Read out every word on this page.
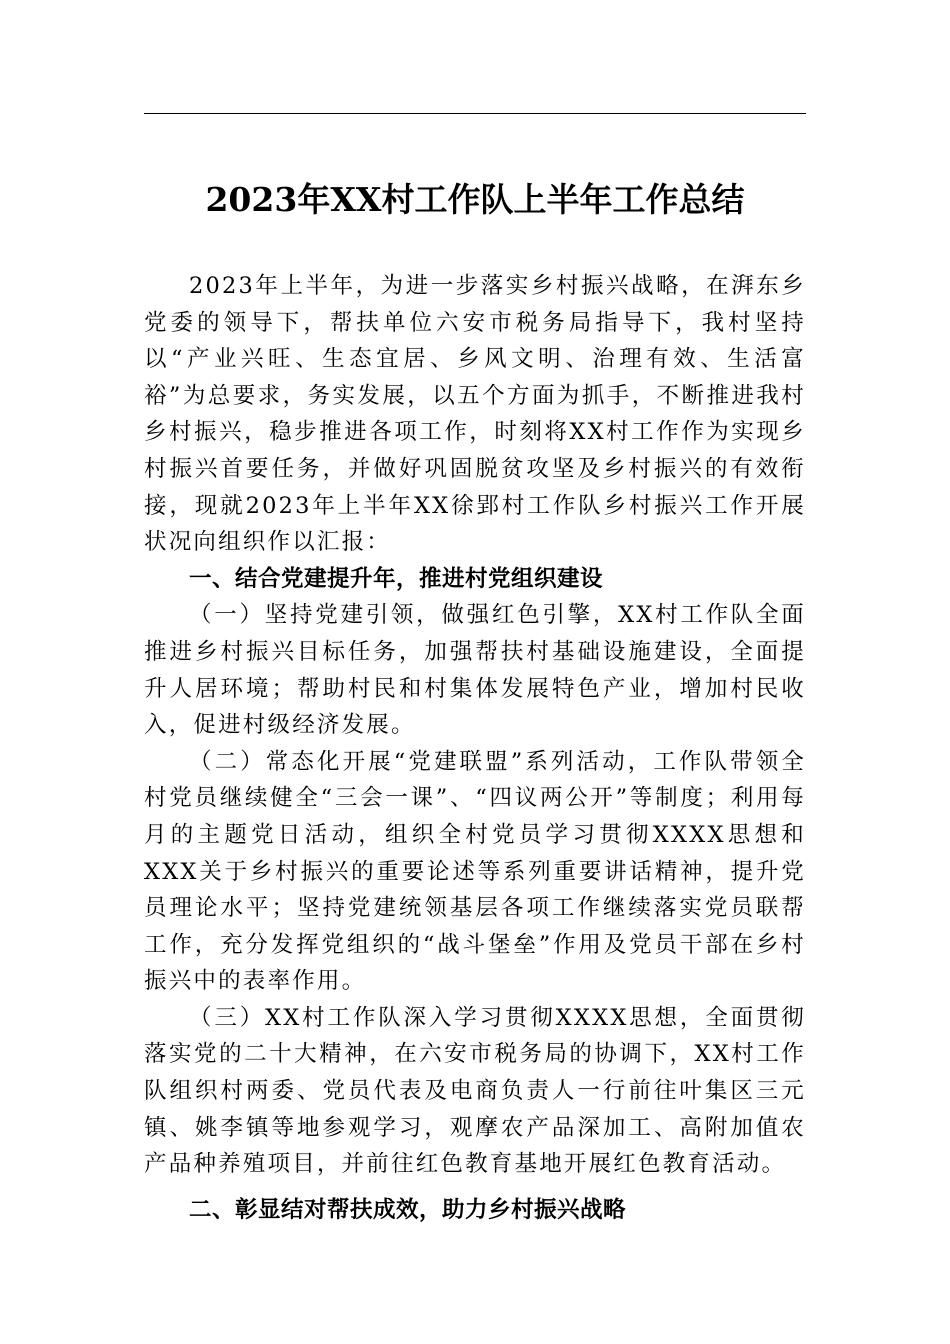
2023年XX村工作队上半年工作总结

2023年上半年，为进一步落实乡村振兴战略，在湃东乡党委的领导下，帮扶单位六安市税务局指导下，我村坚持以“产业兴旺、生态宜居、乡风文明、治理有效、生活富裕”为总要求，务实发展，以五个方面为抓手，不断推进我村乡村振兴，稳步推进各项工作，时刻将XX村工作作为实现乡村振兴首要任务，并做好巩固脱贫攻坚及乡村振兴的有效衔接，现就2023年上半年XX徐郢村工作队乡村振兴工作开展状况向组织作以汇报：

一、结合党建提升年，推进村党组织建设

（一）坚持党建引领，做强红色引擎，XX村工作队全面推进乡村振兴目标任务，加强帮扶村基础设施建设，全面提升人居环境；帮助村民和村集体发展特色产业，增加村民收入，促进村级经济发展。

（二）常态化开展“党建联盟”系列活动，工作队带领全村党员继续健全“三会一课”、“四议两公开”等制度；利用每月的主题党日活动，组织全村党员学习贯彻XXXX思想和XXX关于乡村振兴的重要论述等系列重要讲话精神，提升党员理论水平；坚持党建统领基层各项工作继续落实党员联帮工作，充分发挥党组织的“战斗堡垒”作用及党员干部在乡村振兴中的表率作用。

（三）XX村工作队深入学习贯彻XXXX思想，全面贯彻落实党的二十大精神，在六安市税务局的协调下，XX村工作队组织村两委、党员代表及电商负责人一行前往叶集区三元镇、姚李镇等地参观学习，观摩农产品深加工、高附加值农产品种养殖项目，并前往红色教育基地开展红色教育活动。

二、彰显结对帮扶成效，助力乡村振兴战略
